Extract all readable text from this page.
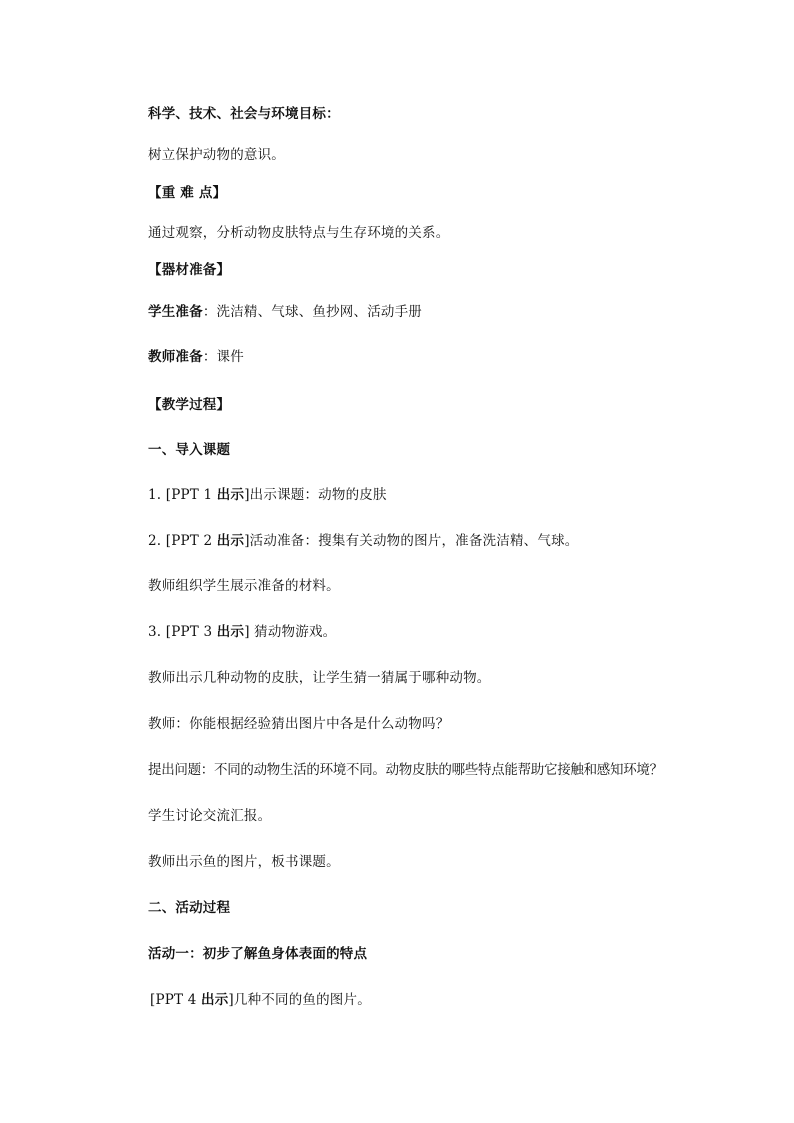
科学、技术、社会与环境目标：
树立保护动物的意识。
【重 难 点】
通过观察，分析动物皮肤特点与生存环境的关系。
【器材准备】
学生准备：洗洁精、气球、鱼抄网、活动手册
教师准备：课件
【教学过程】
一、导入课题
1. [PPT 1 出示]出示课题：动物的皮肤
2. [PPT 2 出示]活动准备：搜集有关动物的图片，准备洗洁精、气球。
教师组织学生展示准备的材料。
3. [PPT 3 出示] 猜动物游戏。
教师出示几种动物的皮肤，让学生猜一猜属于哪种动物。
教师：你能根据经验猜出图片中各是什么动物吗？
提出问题：不同的动物生活的环境不同。动物皮肤的哪些特点能帮助它接触和感知环境？
学生讨论交流汇报。
教师出示鱼的图片，板书课题。
二、活动过程
活动一：初步了解鱼身体表面的特点
[PPT 4 出示]几种不同的鱼的图片。
